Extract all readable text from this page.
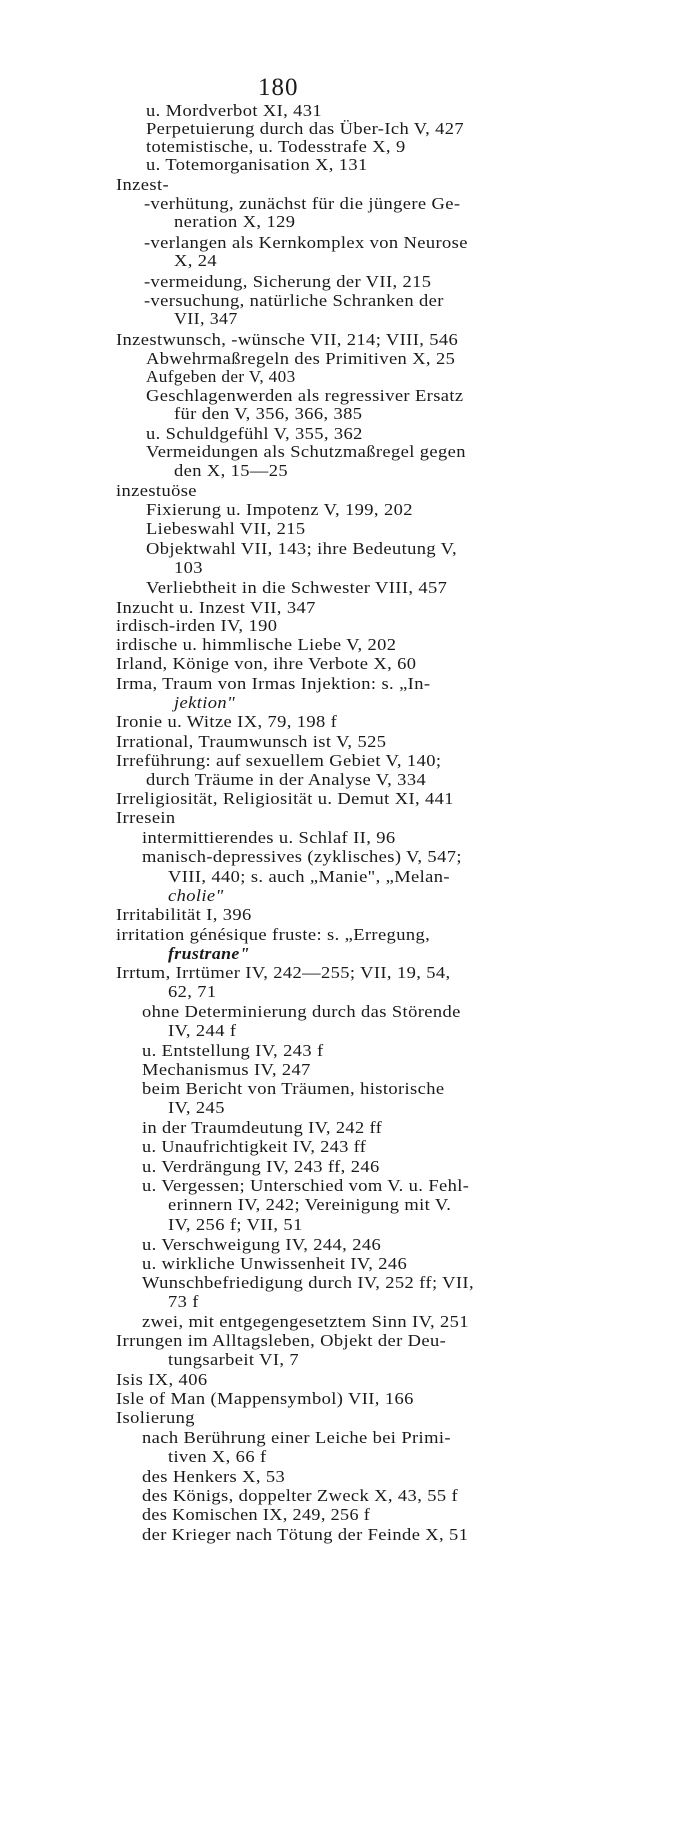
180
u. Mordverbot XI, 431
Perpetuierung durch das Über-Ich V, 427
totemistische, u. Todesstrafe X, 9
u. Totemorganisation X, 131
Inzest-
-verhütung, zunächst für die jüngere Ge-
neration X, 129
-verlangen als Kernkomplex von Neurose
X, 24
-vermeidung, Sicherung der VII, 215
-versuchung, natürliche Schranken der
VII, 347
Inzestwunsch, -wünsche VII, 214; VIII, 546
Abwehrmaßregeln des Primitiven X, 25
Aufgeben der V, 403
Geschlagenwerden als regressiver Ersatz
für den V, 356, 366, 385
u. Schuldgefühl V, 355, 362
Vermeidungen als Schutzmaßregel gegen
den X, 15—25
inzestuöse
Fixierung u. Impotenz V, 199, 202
Liebeswahl VII, 215
Objektwahl VII, 143; ihre Bedeutung V,
103
Verliebtheit in die Schwester VIII, 457
Inzucht u. Inzest VII, 347
irdisch-irden IV, 190
irdische u. himmlische Liebe V, 202
Irland, Könige von, ihre Verbote X, 60
Irma, Traum von Irmas Injektion: s. „In-
jektion"
Ironie u. Witze IX, 79, 198 f
Irrational, Traumwunsch ist V, 525
Irreführung: auf sexuellem Gebiet V, 140;
durch Träume in der Analyse V, 334
Irreligiosität, Religiosität u. Demut XI, 441
Irresein
intermittierendes u. Schlaf II, 96
manisch-depressives (zyklisches) V, 547;
VIII, 440; s. auch „Manie", „Melan-
cholie"
Irritabilität I, 396
irritation génésique fruste: s. „Erregung,
frustrane"
Irrtum, Irrtümer IV, 242—255; VII, 19, 54,
62, 71
ohne Determinierung durch das Störende
IV, 244 f
u. Entstellung IV, 243 f
Mechanismus IV, 247
beim Bericht von Träumen, historische
IV, 245
in der Traumdeutung IV, 242 ff
u. Unaufrichtigkeit IV, 243 ff
u. Verdrängung IV, 243 ff, 246
u. Vergessen; Unterschied vom V. u. Fehl-
erinnern IV, 242; Vereinigung mit V.
IV, 256 f; VII, 51
u. Verschweigung IV, 244, 246
u. wirkliche Unwissenheit IV, 246
Wunschbefriedigung durch IV, 252 ff; VII,
73 f
zwei, mit entgegengesetztem Sinn IV, 251
Irrungen im Alltagsleben, Objekt der Deu-
tungsarbeit VI, 7
Isis IX, 406
Isle of Man (Mappensymbol) VII, 166
Isolierung
nach Berührung einer Leiche bei Primi-
tiven X, 66 f
des Henkers X, 53
des Königs, doppelter Zweck X, 43, 55 f
des Komischen IX, 249, 256 f
der Krieger nach Tötung der Feinde X, 51
